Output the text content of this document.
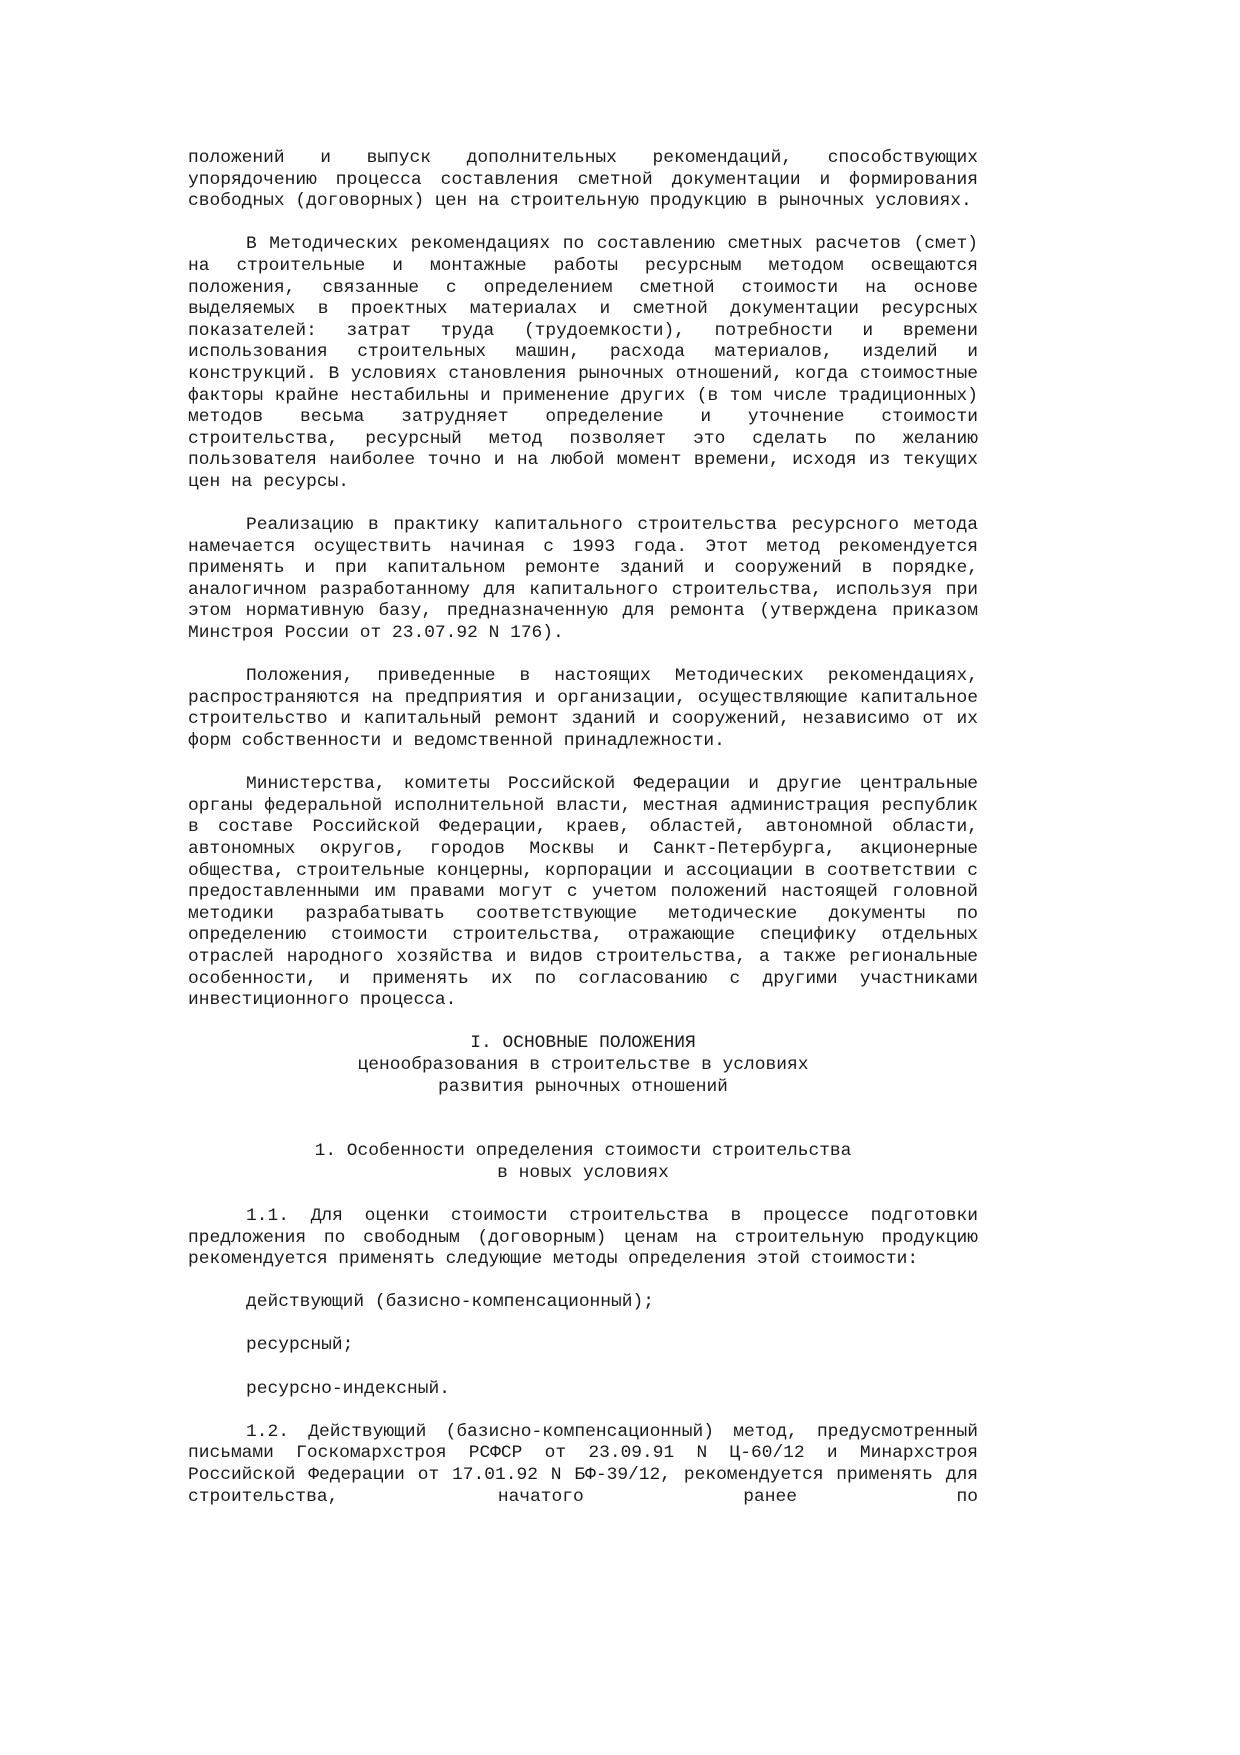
положений и выпуск дополнительных рекомендаций, способствующих упорядочению процесса составления сметной документации и формирования свободных (договорных) цен на строительную продукцию в рыночных условиях.

В Методических рекомендациях по составлению сметных расчетов (смет) на строительные и монтажные работы ресурсным методом освещаются положения, связанные с определением сметной стоимости на основе выделяемых в проектных материалах и сметной документации ресурсных показателей: затрат труда (трудоемкости), потребности и времени использования строительных машин, расхода материалов, изделий и конструкций. В условиях становления рыночных отношений, когда стоимостные факторы крайне нестабильны и применение других (в том числе традиционных) методов весьма затрудняет определение и уточнение стоимости строительства, ресурсный метод позволяет это сделать по желанию пользователя наиболее точно и на любой момент времени, исходя из текущих цен на ресурсы.

Реализацию в практику капитального строительства ресурсного метода намечается осуществить начиная с 1993 года. Этот метод рекомендуется применять и при капитальном ремонте зданий и сооружений в порядке, аналогичном разработанному для капитального строительства, используя при этом нормативную базу, предназначенную для ремонта (утверждена приказом Минстроя России от 23.07.92 N 176).

Положения, приведенные в настоящих Методических рекомендациях, распространяются на предприятия и организации, осуществляющие капитальное строительство и капитальный ремонт зданий и сооружений, независимо от их форм собственности и ведомственной принадлежности.

Министерства, комитеты Российской Федерации и другие центральные органы федеральной исполнительной власти, местная администрация республик в составе Российской Федерации, краев, областей, автономной области, автономных округов, городов Москвы и Санкт-Петербурга, акционерные общества, строительные концерны, корпорации и ассоциации в соответствии с предоставленными им правами могут с учетом положений настоящей головной методики разрабатывать соответствующие методические документы по определению стоимости строительства, отражающие специфику отдельных отраслей народного хозяйства и видов строительства, а также региональные особенности, и применять их по согласованию с другими участниками инвестиционного процесса.

I. ОСНОВНЫЕ ПОЛОЖЕНИЯ

ценообразования в строительстве в условиях

развития рыночных отношений

1. Особенности определения стоимости строительства

в новых условиях

1.1. Для оценки стоимости строительства в процессе подготовки предложения по свободным (договорным) ценам на строительную продукцию рекомендуется применять следующие методы определения этой стоимости:

действующий (базисно-компенсационный);

ресурсный;

ресурсно-индексный.

1.2. Действующий (базисно-компенсационный) метод, предусмотренный письмами Госкомархстроя РСФСР от 23.09.91 N Ц-60/12 и Минархстроя Российской Федерации от 17.01.92 N БФ-39/12, рекомендуется применять для строительства, начатого ранее по
